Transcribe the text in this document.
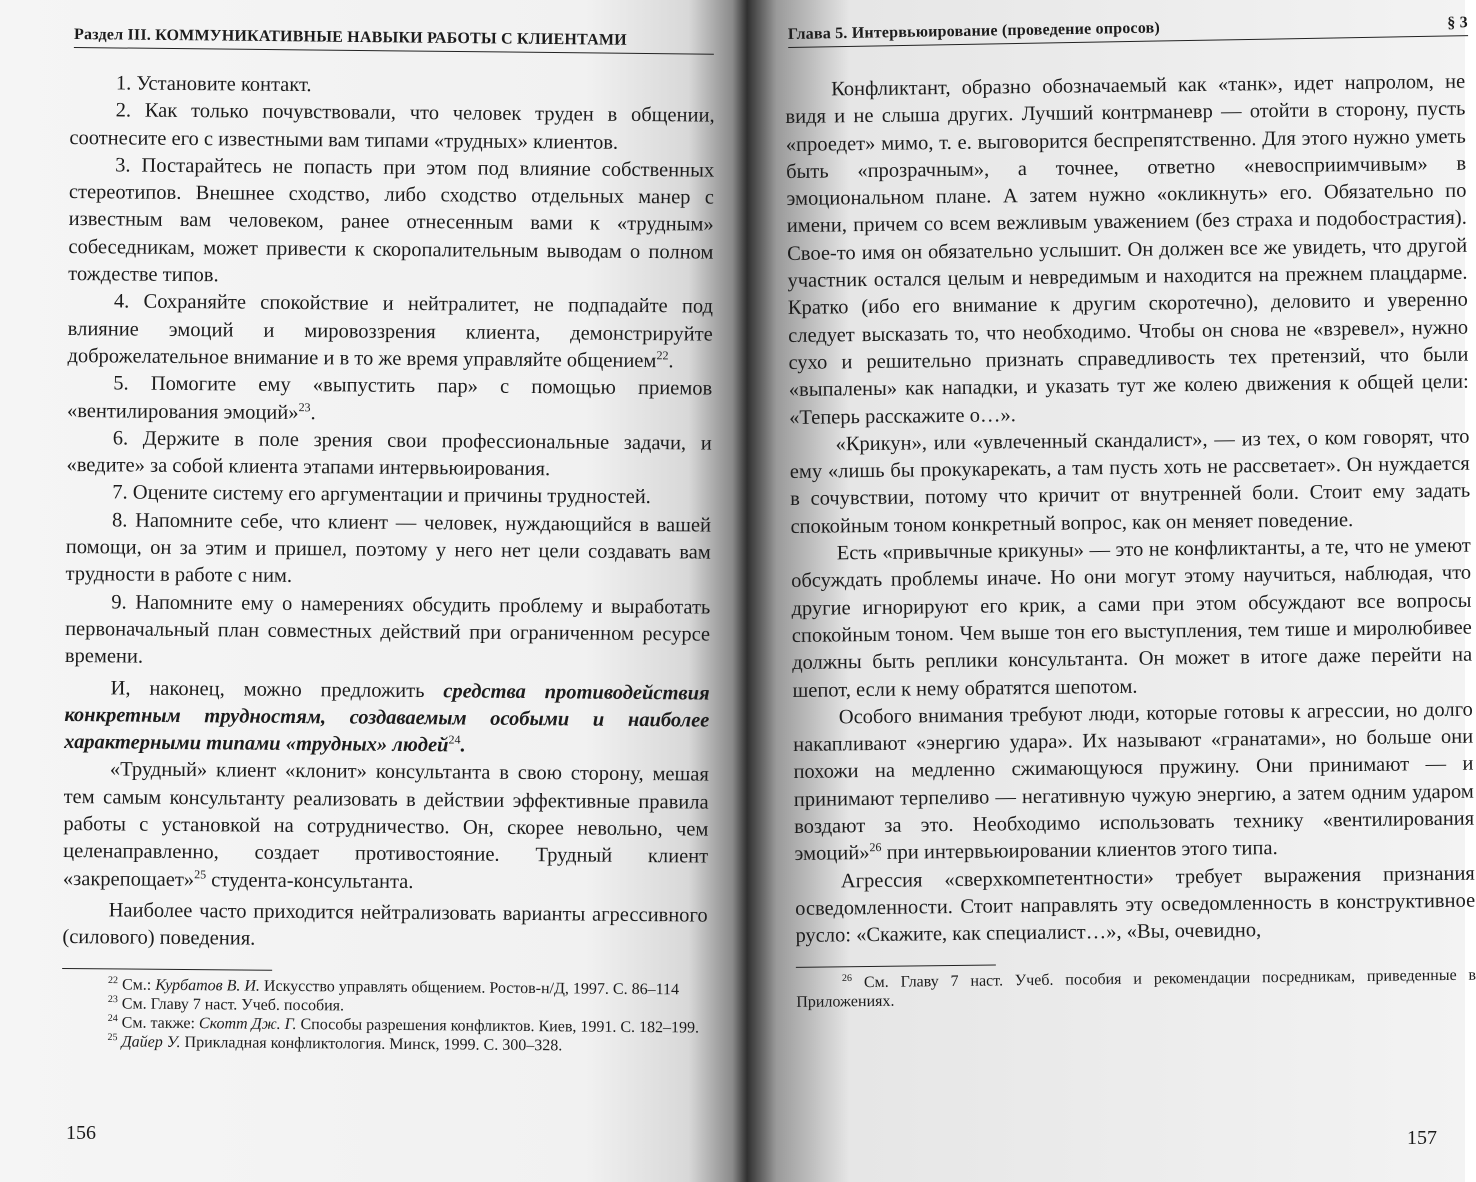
Раздел III. КОММУНИКАТИВНЫЕ НАВЫКИ РАБОТЫ С КЛИЕНТАМИ

1. Установите контакт.

2. Как только почувствовали, что человек труден в общении, соотнесите его с известными вам типами «трудных» клиентов.

3. Постарайтесь не попасть при этом под влияние собственных стереотипов. Внешнее сходство, либо сходство отдельных манер с известным вам человеком, ранее отнесенным вами к «трудным» собеседникам, может привести к скоропалительным выводам о полном тождестве типов.

4. Сохраняйте спокойствие и нейтралитет, не подпадайте под влияние эмоций и мировоззрения клиента, демонстрируйте доброжелательное внимание и в то же время управляйте общением$^{22}$.

5. Помогите ему «выпустить пар» с помощью приемов «вентилирования эмоций»$^{23}$.

6. Держите в поле зрения свои профессиональные задачи, и «ведите» за собой клиента этапами интервьюирования.

7. Оцените систему его аргументации и причины трудностей.

8. Напомните себе, что клиент — человек, нуждающийся в вашей помощи, он за этим и пришел, поэтому у него нет цели создавать вам трудности в работе с ним.

9. Напомните ему о намерениях обсудить проблему и выработать первоначальный план совместных действий при ограниченном ресурсе времени.

И, наконец, можно предложить средства противодействия конкретным трудностям, создаваемым особыми и наиболее характерными типами «трудных» людей$^{24}$.

«Трудный» клиент «клонит» консультанта в свою сторону, мешая тем самым консультанту реализовать в действии эффективные правила работы с установкой на сотрудничество. Он, скорее невольно, чем целенаправленно, создает противостояние. Трудный клиент «закрепощает»$^{25}$ студента-консультанта.

Наиболее часто приходится нейтрализовать варианты агрессивного (силового) поведения.

$^{22}$ См.: Курбатов В. И. Искусство управлять общением. Ростов-н/Д, 1997. С. 86–114

$^{23}$ См. Главу 7 наст. Учеб. пособия.

$^{24}$ См. также: Скотт Дж. Г. Способы разрешения конфликтов. Киев, 1991. С. 182–199.

$^{25}$ Дайер У. Прикладная конфликтология. Минск, 1999. С. 300–328.

156
Глава 5. Интервьюирование (проведение опросов)	§ 3

Конфликтант, образно обозначаемый как «танк», идет напролом, не видя и не слыша других. Лучший контрманевр — отойти в сторону, пусть «проедет» мимо, т. е. выговорится беспрепятственно. Для этого нужно уметь быть «прозрачным», а точнее, ответно «невосприимчивым» в эмоциональном плане. А затем нужно «окликнуть» его. Обязательно по имени, причем со всем вежливым уважением (без страха и подобострастия). Свое-то имя он обязательно услышит. Он должен все же увидеть, что другой участник остался целым и невредимым и находится на прежнем плацдарме. Кратко (ибо его внимание к другим скоротечно), деловито и уверенно следует высказать то, что необходимо. Чтобы он снова не «взревел», нужно сухо и решительно признать справедливость тех претензий, что были «выпалены» как нападки, и указать тут же колею движения к общей цели: «Теперь расскажите о…».

«Крикун», или «увлеченный скандалист», — из тех, о ком говорят, что ему «лишь бы прокукарекать, а там пусть хоть не рассветает». Он нуждается в сочувствии, потому что кричит от внутренней боли. Стоит ему задать спокойным тоном конкретный вопрос, как он меняет поведение.

Есть «привычные крикуны» — это не конфликтанты, а те, что не умеют обсуждать проблемы иначе. Но они могут этому научиться, наблюдая, что другие игнорируют его крик, а сами при этом обсуждают все вопросы спокойным тоном. Чем выше тон его выступления, тем тише и миролюбивее должны быть реплики консультанта. Он может в итоге даже перейти на шепот, если к нему обратятся шепотом.

Особого внимания требуют люди, которые готовы к агрессии, но долго накапливают «энергию удара». Их называют «гранатами», но больше они похожи на медленно сжимающуюся пружину. Они принимают — и принимают терпеливо — негативную чужую энергию, а затем одним ударом воздают за это. Необходимо использовать технику «вентилирования эмоций»$^{26}$ при интервьюировании клиентов этого типа.

Агрессия «сверхкомпетентности» требует выражения признания осведомленности. Стоит направлять эту осведомленность в конструктивное русло: «Скажите, как специалист…», «Вы, очевидно,

$^{26}$ См. Главу 7 наст. Учеб. пособия и рекомендации посредникам, приведенные в Приложениях.

157
